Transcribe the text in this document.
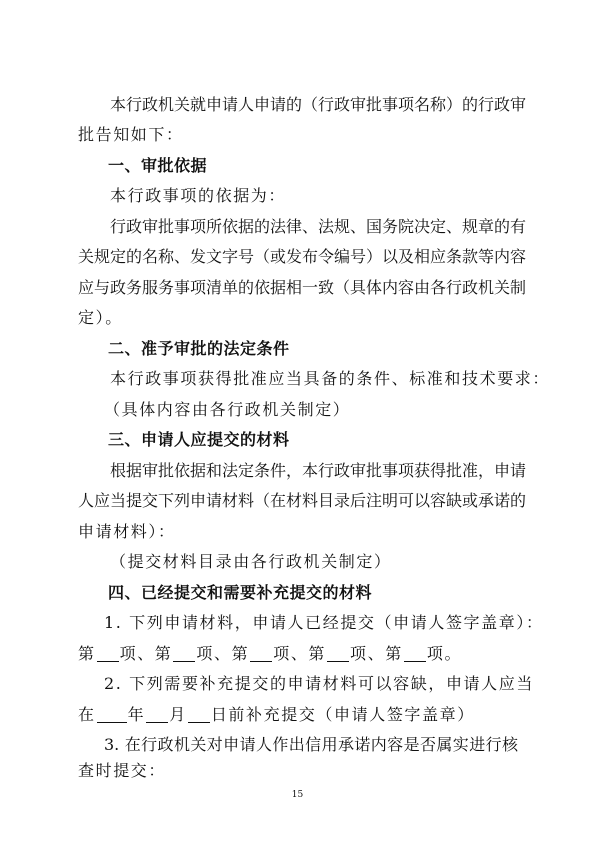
本行政机关就申请人申请的（行政审批事项名称）的行政审
批告知如下：
一、审批依据
本行政事项的依据为：
行政审批事项所依据的法律、法规、国务院决定、规章的有
关规定的名称、发文字号（或发布令编号）以及相应条款等内容
应与政务服务事项清单的依据相一致（具体内容由各行政机关制
定）。
二、准予审批的法定条件
本行政事项获得批准应当具备的条件、标准和技术要求：
（具体内容由各行政机关制定）
三、申请人应提交的材料
根据审批依据和法定条件，本行政审批事项获得批准，申请
人应当提交下列申请材料（在材料目录后注明可以容缺或承诺的
申请材料）：
（提交材料目录由各行政机关制定）
四、已经提交和需要补充提交的材料
1. 下列申请材料，申请人已经提交（申请人签字盖章）：
第 项、第 项、第 项、第 项、第 项。
2. 下列需要补充提交的申请材料可以容缺，申请人应当
在 年 月 日前补充提交（申请人签字盖章）
3. 在行政机关对申请人作出信用承诺内容是否属实进行核
查时提交：
15
